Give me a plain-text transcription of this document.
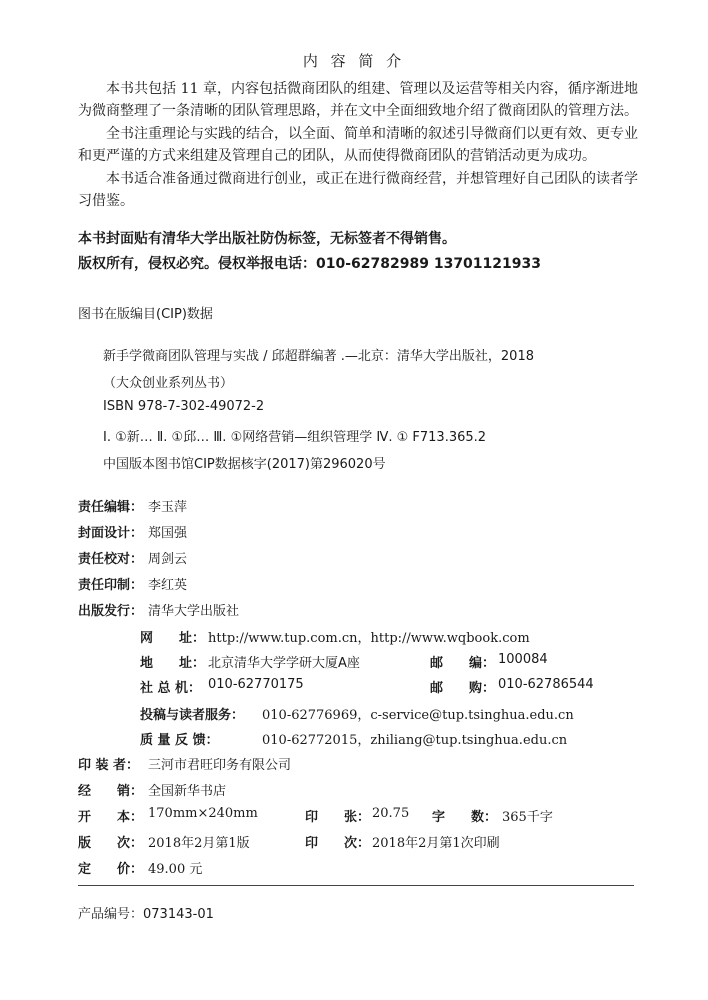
内 容 简 介

本书共包括 11 章，内容包括微商团队的组建、管理以及运营等相关内容，循序渐进地为微商整理了一条清晰的团队管理思路，并在文中全面细致地介绍了微商团队的管理方法。

全书注重理论与实践的结合，以全面、简单和清晰的叙述引导微商们以更有效、更专业和更严谨的方式来组建及管理自己的团队，从而使得微商团队的营销活动更为成功。

本书适合准备通过微商进行创业，或正在进行微商经营，并想管理好自己团队的读者学习借鉴。

本书封面贴有清华大学出版社防伪标签，无标签者不得销售。
版权所有，侵权必究。侵权举报电话：010-62782989 13701121933
图书在版编目(CIP)数据
新手学微商团队管理与实战 / 邱超群编著 .—北京：清华大学出版社，2018
（大众创业系列丛书）
ISBN 978-7-302-49072-2
Ⅰ. ①新… Ⅱ. ①邱… Ⅲ. ①网络营销—组织管理学 Ⅳ. ① F713.365.2
中国版本图书馆CIP数据核字(2017)第296020号
责任编辑： 李玉萍
封面设计： 郑国强
责任校对： 周剑云
责任印制： 李红英
出版发行： 清华大学出版社
网　　址： http://www.tup.com.cn，http://www.wqbook.com
地　　址： 北京清华大学学研大厦A座	邮　　编： 100084
社 总 机： 010-62770175	邮　　购： 010-62786544
投稿与读者服务： 010-62776969，c-service@tup.tsinghua.edu.cn
质 量 反 馈：	010-62772015，zhiliang@tup.tsinghua.edu.cn
印 装 者： 三河市君旺印务有限公司
经　　销： 全国新华书店
开　　本： 170mm×240mm	印　　张： 20.75 字　　数： 365千字
版　　次： 2018年2月第1版	印　　次： 2018年2月第1次印刷
定　　价： 49.00 元
产品编号：073143-01
